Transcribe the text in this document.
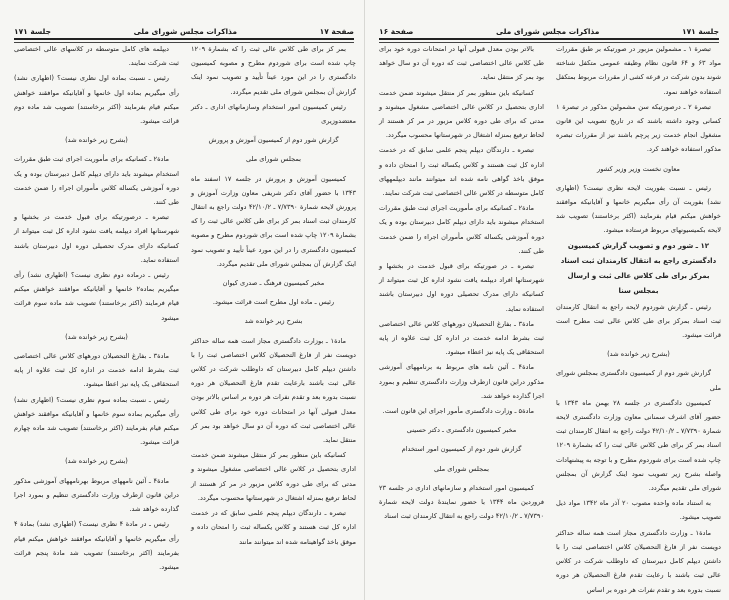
صفحة ۱۷
مذاکرات مجلس شورای ملی
جلسة ۱۷۱

بمر کز برای طی کلاس عالی ثبت را که بشمارة ۱۲۰۹ چاپ شده است برای شوردوم مطرح و مصوبه کمیسیون دادگستری را در این مورد عیناً تأیید و تصویب نمود اینک گزارش آن بمجلس شورای ملی تقدیم میگردد.

رئیس کمیسیون امور استخدام وسازمانهای اداری ـ دکتر معتضدوزیری

گزارش شور دوم از کمیسیون آموزش و پرورش

بمجلس شورای ملی

کمیسیون آموزش و پرورش در جلسه ۱۷ اسفند ماه ۱۳۴۳ با حضور آقای دکتر شریفی معاون وزارت آموزش و پرورش لایحه شمارة ۷/۷۳۹۰ ـ ۴۲/۱۰/۲ دولت راجع به انتقال کارمندان ثبت اسناد بمر کز برای طی کلاس عالی ثبت را که بشمارة ۱۲۰۹ چاپ شده است برای شوردوم مطرح و مصوبه کمیسیون دادگستری را در این مورد عیناً تأیید و تصویب نمود اینک گزارش آن بمجلس شورای ملی تقدیم میگردد.

مخبر کمیسیون فرهنگ ـ صدری کیوان

رئیس ـ ماده اول مطرح است قرائت میشود.

بشرح زیر خوانده شد

مادة۱ ـ بوزارت دادگستری مجاز است همه ساله حداکثر دویست نفر از فارغ التحصیلان کلاس اختصاصی ثبت را با داشتن دیپلم کامل دبیرستان که داوطلب شرکت در کلاس عالی ثبت باشند بارعایت تقدم فارغ التحصیلان هر دوره نسبت بدوره بعد و تقدم نفرات هر دوره بر اساس بالاتر بودن معدل قبولی آنها در امتحانات دوره خود برای طی کلاس عالی اختصاصی ثبت که دوره آن دو سال خواهد بود بمر کز منتقل نماید.

کسانیکه باین منظور بمر کز منتقل میشوند ضمن خدمت اداری بتحصیل در کلاس عالی اختصاصی مشغول میشوند و مدتی که برای طی دوره کلاس مزبور در مر کز هستند از لحاظ ترفیع بمنزله اشتغال در شهرستانها محسوب میگردد.

تبصره ـ دارندگان دیپلم پنجم علمی سابق که در خدمت اداره کل ثبت هستند و کلاس یکساله ثبت را امتحان داده و موفق باخذ گواهینامه شده اند میتوانند مانند

دیپلمه های کامل متوسطه در کلاسهای عالی اختصاصی ثبت شرکت نمایند.

رئیس ـ نسبت بماده اول نظری نیست؟ (اظهاری نشد) رأی میگیریم بماده اول خانمها و آقایانیکه موافقند خواهش میکنم قیام بفرمایند (اکثر برخاستند) تصویب شد ماده دوم قرائت میشود.

(بشرح زیر خوانده شد)

مادة۲ ـ کسانیکه برای مأموریت اجرای ثبت طبق مقررات استخدام میشوند باید دارای دیپلم کامل دبیرستان بوده و یک دوره آموزشی یکساله کلاس مأموران اجراء را ضمن خدمت طی کنند.

تبصره ـ درصورتیکه برای قبول خدمت در بخشها و شهرستانها افراد دیپلمه یافت نشود اداره کل ثبت میتواند از کسانیکه دارای مدرک تحصیلی دوره اول دبیرستان باشند استفاده نماید.

رئیس ـ درماده دوم نظری نیست؟ (اظهاری نشد) رأی میگیریم بماده۲ خانمها و آقایانیکه موافقند خواهش میکنم قیام فرمایند (اکثر برخاستند) تصویب شد ماده سوم قرائت میشود

(بشرح زیر خوانده شد)

مادة۳ ـ بفارغ التحصیلان دورههای کلاس عالی اختصاصی ثبت بشرط ادامه خدمت در اداره کل ثبت علاوه از پایه استحقاقی یک پایه نیز اعطا میشود.

رئیس ـ نسبت بماده سوم نظری نیست؟ (اظهاری نشد) رأی میگیریم بماده سوم خانمها و آقایانیکه موافقند خواهش میکنم قیام بفرمایند (اکثر برخاستند) تصویب شد ماده چهارم قرائت میشود.

(بشرح زیر خوانده شد)

مادة۴ ـ آئین نامههای مربوط بهرنامههای آموزشی مذکور دراین قانون ازطرف وزارت دادگستری تنظیم و بمورد اجرا گذارده خواهد شد.

رئیس ـ در مادة ۴ نظری نیست؟ (اظهاری نشد) بمادة ۴ رأی میگیریم خانمها و آقایانیکه موافقند خواهش میکنم قیام بفرمایند (اکثر برخاستند) تصویب شد مادة پنجم قرائت میشود.

جلسة ۱۷۱
مذاکرات مجلس شورای ملی
صفحة ۱۶

تبصرة ۱ ـ مشمولین مزبور در صورتیکه بر طبق مقررات مواد ۶۳ و ۶۴ قانون نظام وظیفه عمومی متکفل شناخته شوند بدون شرکت در قرعه کشی از مقررات مربوط بمتکفل استفاده خواهند نمود.

تبصرة ۲ ـ درصورتیکه سن مشمولین مذکور در تبصرة ۱ کسانی وجود داشته باشند که در تاریخ تصویب این قانون مشغول انجام خدمت زیر پرچم باشند نیز از مقررات تبصره مذکور استفاده خواهند کرد.

معاون نخست وزیر وزیر کشور

رئیس ـ نسبت بفوریت لایحه نظری نیست؟ (اظهاری نشد) بفوریت آن رأی میگیریم خانمها و آقایانیکه موافقند خواهش میکنم قیام بفرمایند (اکثر برخاستند) تصویب شد لایحه بکمیسیونهای مربوط فرستاده میشود.

۱۲ ـ شور دوم و تصویب گزارش کمیسیون دادگستری راجع به انتقال کارمندان ثبت اسناد بمرکز برای طی کلاس عالی ثبت و ارسال بمجلس سنا

رئیس ـ گزارش شوردوم لایحه راجع به انتقال کارمندان ثبت اسناد بمرکز برای طی کلاس عالی ثبت مطرح است قرائت میشود.

(بشرح زیر خوانده شد)

گزارش شور دوم از کمیسیون دادگستری بمجلس شورای ملی

کمیسیون دادگستری در جلسه ۲۸ بهمن ماه ۱۳۴۳ با حضور آقای اشرف سمنانی معاون وزارت دادگستری لایحه شمارة ۷/۷۳۹۰ ـ ۴۲/۱۰/۲ دولت راجع به انتقال کارمندان ثبت اسناد بمر کز برای طی کلاس عالی ثبت را که بشمارة ۱۲۰۹ چاپ شده است برای شوردوم مطرح و با توجه به پیشنهادات واصله بشرح زیر تصویب نمود اینک گزارش آن بمجلس شورای ملی تقدیم میگردد.

به استناد ماده واحده مصوب ۲۰ آذر ماه ۱۳۴۲ مواد ذیل تصویب میشود.

مادة۱ ـ وزارت دادگستری مجاز است همه ساله حداکثر دویست نفر از فارغ التحصیلان کلاس اختصاصی ثبت را با داشتن دیپلم کامل دبیرستان که داوطلب شرکت در کلاس عالی ثبت باشند با رعایت تقدم فارغ التحصیلان هر دوره نسبت بدوره بعد و تقدم نفرات هر دوره بر اساس

بالاتر بودن معدل قبولی آنها در امتحانات دوره خود برای طی کلاس عالی اختصاصی ثبت که دوره آن دو سال خواهد بود بمر کز منتقل نماید.

کسانیکه باین منظور بمر کز منتقل میشوند ضمن خدمت اداری بتحصیل در کلاس عالی اختصاصی مشغول میشوند و مدتی که برای طی دوره کلاس مزبور در مر کز هستند از لحاظ ترفیع بمنزله اشتغال در شهرستانها محسوب میگردد.

تبصره ـ دارندگان دیپلم پنجم علمی سابق که در خدمت اداره کل ثبت هستند و کلاس یکساله ثبت را امتحان داده و موفق باخذ گواهی نامه شده اند میتوانند مانند دیپلمههای کامل متوسطه در کلاس عالی اختصاصی ثبت شرکت نمایند.

مادة۲ ـ کسانیکه برای مأموریت اجرای ثبت طبق مقررات استخدام میشوند باید دارای دیپلم کامل دبیرستان بوده و یک دوره آموزشی یکساله کلاس مأموران اجراء را ضمن خدمت طی کنند.

تبصره ـ در صورتیکه برای قبول خدمت در بخشها و شهرستانها افراد دیپلمه یافت نشود اداره کل ثبت میتواند از کسانیکه دارای مدرک تحصیلی دوره اول دبیرستان باشند استفاده نماید.

مادة۳ ـ بفارغ التحصیلان دورههای کلاس عالی اختصاصی ثبت بشرط ادامه خدمت در اداره کل ثبت علاوه از پایه استحقاقی یک پایه نیز اعطاء میشود.

مادة۴ ـ آئین نامه های مربوط به برنامههای آموزشی مذکور دراین قانون ازطرف وزارت دادگستری تنظیم و بمورد اجرا گذارده خواهد شد.

مادة۵ ـ وزارت دادگستری مأمور اجرای این قانون است.

مخبر کمیسیون دادگستری ـ دکتر حسینی

گزارش شور دوم از کمیسیون امور استخدام

بمجلس شورای ملی

کمیسیون امور استخدام و سازمانهای اداری در جلسه ۲۳ فروردین ماه ۱۳۴۴ با حضور نمایندهٔ دولت لایحه شمارة ۷/۷۳۹۰ ـ ۴۲/۱۰/۲ دولت راجع به انتقال کارمندان ثبت اسناد
